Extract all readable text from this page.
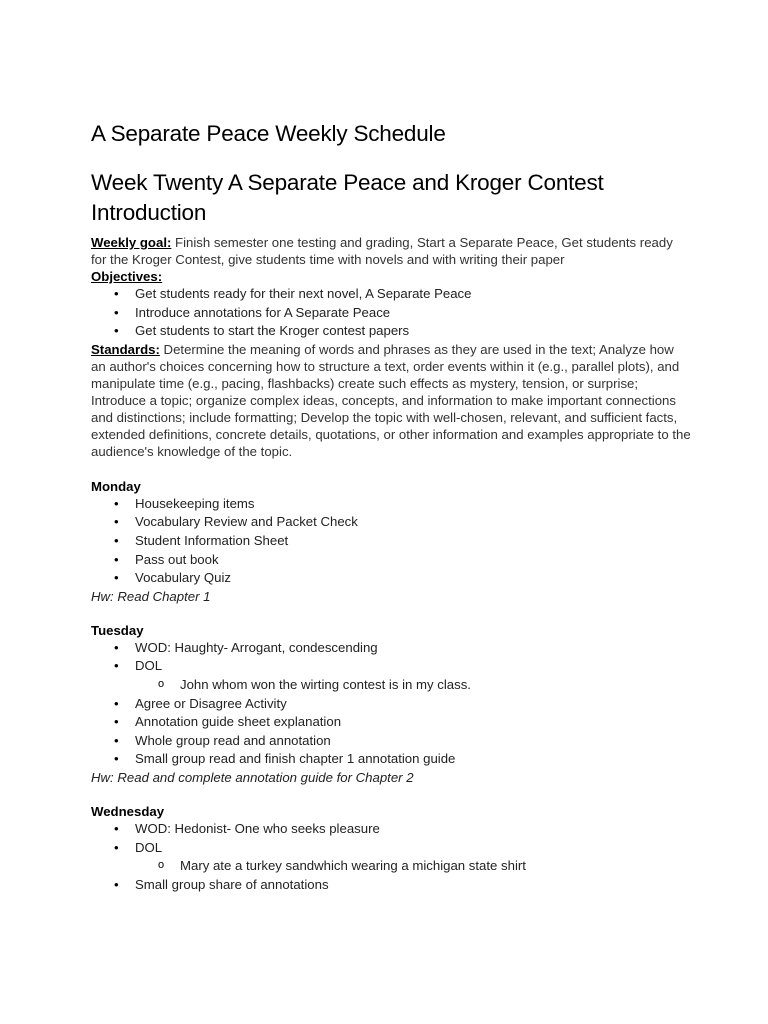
A Separate Peace Weekly Schedule
Week Twenty A Separate Peace and Kroger Contest Introduction

Weekly goal: Finish semester one testing and grading, Start a Separate Peace, Get students ready for the Kroger Contest, give students time with novels and with writing their paper

Objectives:
• Get students ready for their next novel, A Separate Peace
• Introduce annotations for A Separate Peace
• Get students to start the Kroger contest papers

Standards: Determine the meaning of words and phrases as they are used in the text; Analyze how an author's choices concerning how to structure a text, order events within it (e.g., parallel plots), and manipulate time (e.g., pacing, flashbacks) create such effects as mystery, tension, or surprise; Introduce a topic; organize complex ideas, concepts, and information to make important connections and distinctions; include formatting; Develop the topic with well-chosen, relevant, and sufficient facts, extended definitions, concrete details, quotations, or other information and examples appropriate to the audience's knowledge of the topic.

Monday
• Housekeeping items
• Vocabulary Review and Packet Check
• Student Information Sheet
• Pass out book
• Vocabulary Quiz
Hw: Read Chapter 1
Tuesday
• WOD: Haughty- Arrogant, condescending
• DOL
o John whom won the wirting contest is in my class.
• Agree or Disagree Activity
• Annotation guide sheet explanation
• Whole group read and annotation
• Small group read and finish chapter 1 annotation guide
Hw: Read and complete annotation guide for Chapter 2
Wednesday
• WOD: Hedonist- One who seeks pleasure
• DOL
o Mary ate a turkey sandwhich wearing a michigan state shirt
• Small group share of annotations
